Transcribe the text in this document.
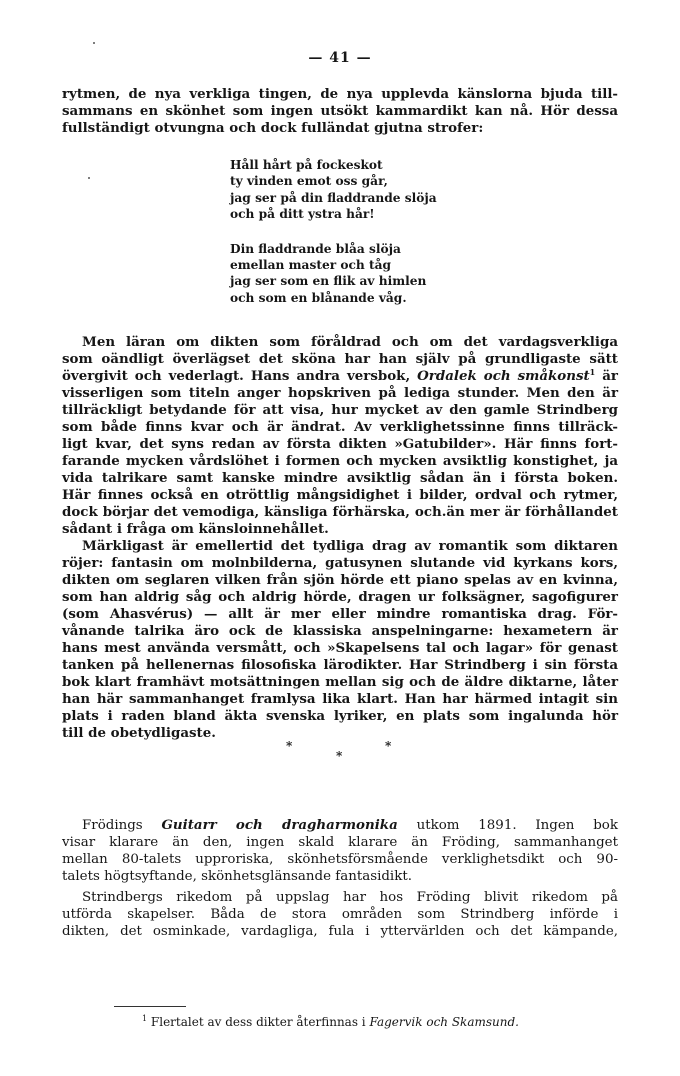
— 41 —
rytmen, de nya verkliga tingen, de nya upplevda känslorna bjuda till-
sammans en skönhet som ingen utsökt kammardikt kan nå. Hör dessa
fullständigt otvungna och dock fulländat gjutna strofer:
Håll hårt på fockeskot
ty vinden emot oss går,
jag ser på din fladdrande slöja
och på ditt ystra hår!
Din fladdrande blåa slöja
emellan master och tåg
jag ser som en flik av himlen
och som en blånande våg.
Men läran om dikten som föråldrad och om det vardagsverkliga
som oändligt överlägset det sköna har han själv på grundligaste sätt
övergivit och vederlagt. Hans andra versbok, Ordalek och småkonst$^1$ är
visserligen som titeln anger hopskriven på lediga stunder. Men den är
tillräckligt betydande för att visa, hur mycket av den gamle Strindberg
som både finns kvar och är ändrat. Av verklighetssinne finns tillräck-
ligt kvar, det syns redan av första dikten »Gatubilder». Här finns fort-
farande mycken vårdslöhet i formen och mycken avsiktlig konstighet, ja
vida talrikare samt kanske mindre avsiktlig sådan än i första boken.
Här finnes också en otröttlig mångsidighet i bilder, ordval och rytmer,
dock börjar det vemodiga, känsliga förhärska, och.än mer är förhållandet
sådant i fråga om känsloinnehållet.
Märkligast är emellertid det tydliga drag av romantik som diktaren
röjer: fantasin om molnbilderna, gatusynen slutande vid kyrkans kors,
dikten om seglaren vilken från sjön hörde ett piano spelas av en kvinna,
som han aldrig såg och aldrig hörde, dragen ur folksägner, sagofigurer
(som Ahasvérus) — allt är mer eller mindre romantiska drag. För-
vånande talrika äro ock de klassiska anspelningarne: hexametern är
hans mest använda versmått, och »Skapelsens tal och lagar» för genast
tanken på hellenernas filosofiska lärodikter. Har Strindberg i sin första
bok klart framhävt motsättningen mellan sig och de äldre diktarne, låter
han här sammanhanget framlysa lika klart. Han har härmed intagit sin
plats i raden bland äkta svenska lyriker, en plats som ingalunda hör
till de obetydligaste.
*
*
*
Frödings Guitarr och dragharmonika utkom 1891. Ingen bok
visar klarare än den, ingen skald klarare än Fröding, sammanhanget
mellan 80-talets upproriska, skönhetsförsmående verklighetsdikt och 90-
talets högtsyftande, skönhetsglänsande fantasidikt.
Strindbergs rikedom på uppslag har hos Fröding blivit rikedom på
utförda skapelser. Båda de stora områden som Strindberg införde i
dikten, det osminkade, vardagliga, fula i yttervärlden och det kämpande,
$^1$ Flertalet av dess dikter återfinnas i Fagervik och Skamsund.
